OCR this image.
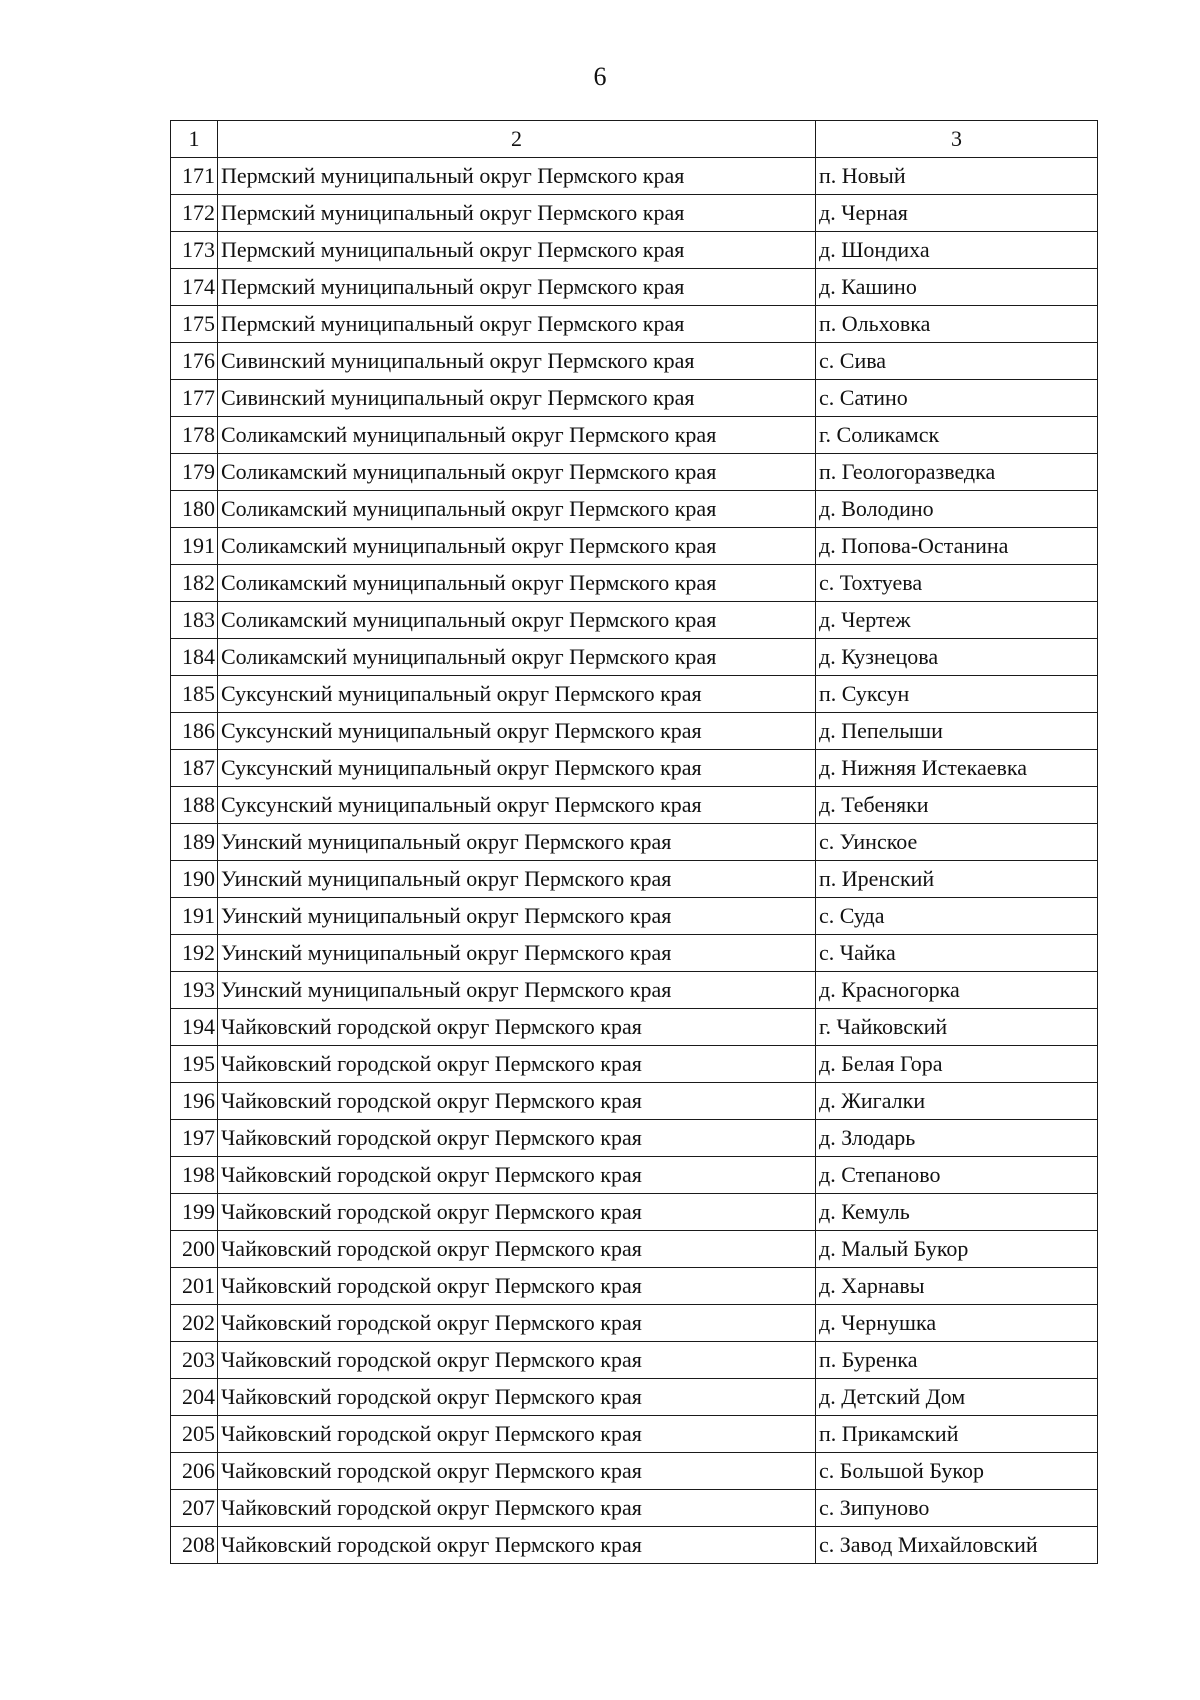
6
1	2	3
171	Пермский муниципальный округ Пермского края	п. Новый
172	Пермский муниципальный округ Пермского края	д. Черная
173	Пермский муниципальный округ Пермского края	д. Шондиха
174	Пермский муниципальный округ Пермского края	д. Кашино
175	Пермский муниципальный округ Пермского края	п. Ольховка
176	Сивинский муниципальный округ Пермского края	с. Сива
177	Сивинский муниципальный округ Пермского края	с. Сатино
178	Соликамский муниципальный округ Пермского края	г. Соликамск
179	Соликамский муниципальный округ Пермского края	п. Геологоразведка
180	Соликамский муниципальный округ Пермского края	д. Володино
191	Соликамский муниципальный округ Пермского края	д. Попова-Останина
182	Соликамский муниципальный округ Пермского края	с. Тохтуева
183	Соликамский муниципальный округ Пермского края	д. Чертеж
184	Соликамский муниципальный округ Пермского края	д. Кузнецова
185	Суксунский муниципальный округ Пермского края	п. Суксун
186	Суксунский муниципальный округ Пермского края	д. Пепелыши
187	Суксунский муниципальный округ Пермского края	д. Нижняя Истекаевка
188	Суксунский муниципальный округ Пермского края	д. Тебеняки
189	Уинский муниципальный округ Пермского края	с. Уинское
190	Уинский муниципальный округ Пермского края	п. Иренский
191	Уинский муниципальный округ Пермского края	с. Суда
192	Уинский муниципальный округ Пермского края	с. Чайка
193	Уинский муниципальный округ Пермского края	д. Красногорка
194	Чайковский городской округ Пермского края	г. Чайковский
195	Чайковский городской округ Пермского края	д. Белая Гора
196	Чайковский городской округ Пермского края	д. Жигалки
197	Чайковский городской округ Пермского края	д. Злодарь
198	Чайковский городской округ Пермского края	д. Степаново
199	Чайковский городской округ Пермского края	д. Кемуль
200	Чайковский городской округ Пермского края	д. Малый Букор
201	Чайковский городской округ Пермского края	д. Харнавы
202	Чайковский городской округ Пермского края	д. Чернушка
203	Чайковский городской округ Пермского края	п. Буренка
204	Чайковский городской округ Пермского края	д. Детский Дом
205	Чайковский городской округ Пермского края	п. Прикамский
206	Чайковский городской округ Пермского края	с. Большой Букор
207	Чайковский городской округ Пермского края	с. Зипуново
208	Чайковский городской округ Пермского края	с. Завод Михайловский
